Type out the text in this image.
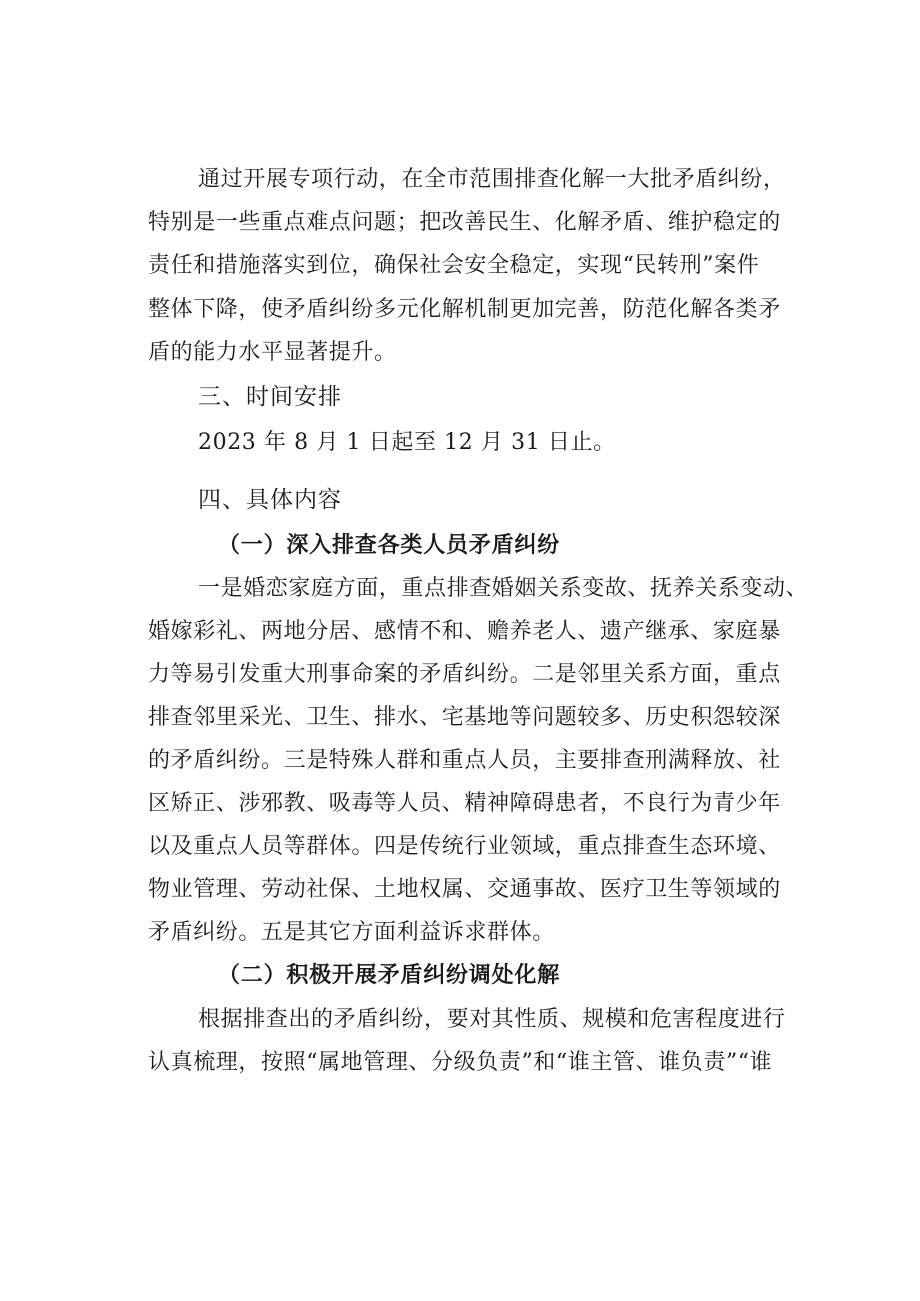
通过开展专项行动，在全市范围排查化解一大批矛盾纠纷，

特别是一些重点难点问题；把改善民生、化解矛盾、维护稳定的

责任和措施落实到位，确保社会安全稳定，实现“民转刑”案件

整体下降，使矛盾纠纷多元化解机制更加完善，防范化解各类矛

盾的能力水平显著提升。

三、时间安排

2023 年 8 月 1 日起至 12 月 31 日止。

四、具体内容
（一）深入排查各类人员矛盾纠纷

一是婚恋家庭方面，重点排查婚姻关系变故、抚养关系变动、

婚嫁彩礼、两地分居、感情不和、赡养老人、遗产继承、家庭暴

力等易引发重大刑事命案的矛盾纠纷。二是邻里关系方面，重点

排查邻里采光、卫生、排水、宅基地等问题较多、历史积怨较深

的矛盾纠纷。三是特殊人群和重点人员，主要排查刑满释放、社

区矫正、涉邪教、吸毒等人员、精神障碍患者，不良行为青少年

以及重点人员等群体。四是传统行业领域，重点排查生态环境、

物业管理、劳动社保、土地权属、交通事故、医疗卫生等领域的

矛盾纠纷。五是其它方面利益诉求群体。

（二）积极开展矛盾纠纷调处化解

根据排查出的矛盾纠纷，要对其性质、规模和危害程度进行

认真梳理，按照“属地管理、分级负责”和“谁主管、谁负责”“谁
